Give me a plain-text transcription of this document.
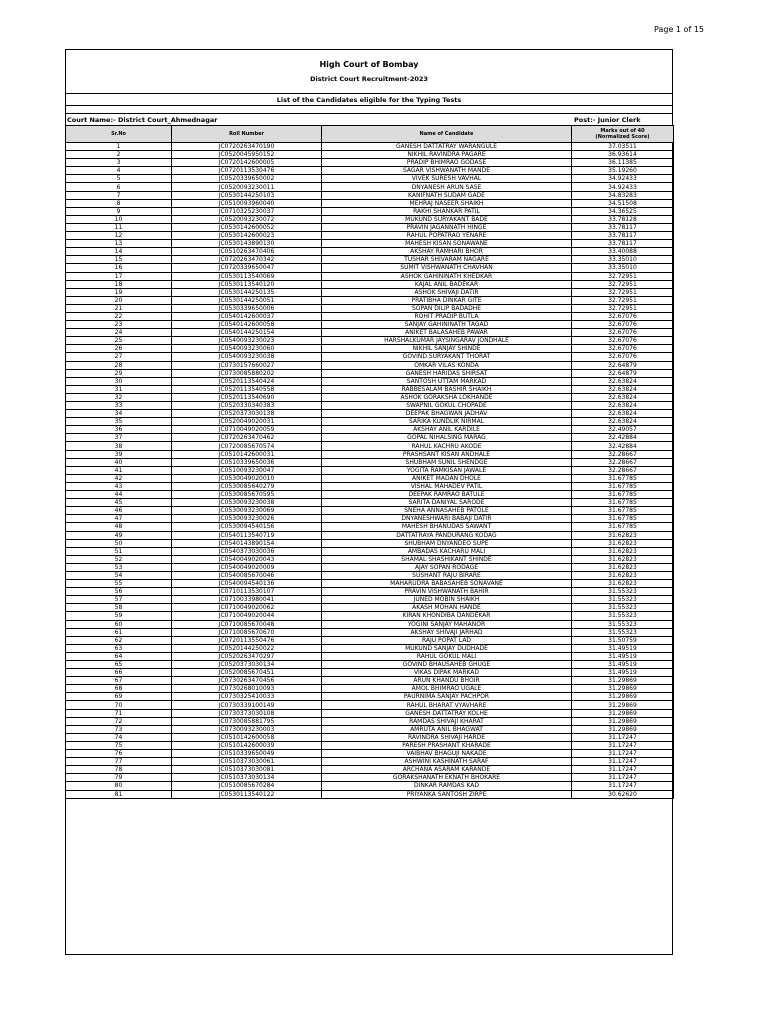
Page 1 of 15
High Court of Bombay
District Court Recruitment-2023
List of the Candidates eligible for the Typing Tests
Court Name:- District Court_Ahmednagar	Post:- Junior Clerk
Sr.No	Roll Number	Name of Candidate	Marks out of 40
(Normalized Score)

1	JC0720263470190	GANESH DATTATRAY WARANGULE	37.03511
2	JC0520045950152	NIKHIL RAVINDRA PAGARE	36.93614
3	JC0720142600005	PRADIP BHIMRAO GODASE	36.11385
4	JC0720113530476	SAGAR VISHWANATH MANDE	35.19260
5	JC0520339650002	VIVEK SURESH VAVHAL	34.92433
6	JC0520093230011	DNYANESH ARUN SASE	34.92433
7	JC0530144250103	KANIFNATH SUDAM GADE	34.83283
8	JC0510093960040	MEHRAJ NASEER SHAIKH	34.51508
9	JC0710325230037	RAKHI SHANKAR PATIL	34.36525
10	JC0520093230072	MUKUND SURYAKANT BADE	33.78128
11	JC0530142600052	PRAVIN JAGANNATH HINGE	33.78117
12	JC0530142600023	RAHUL POPATRAO YENARE	33.78117
13	JC0530143890130	MAHESH KISAN SONAWANE	33.78117
14	JC0510263470406	AKSHAY RAMHARI BHOR	33.40088
15	JC0720263470342	TUSHAR SHIVARAM NAGARE	33.35010
16	JC0720339650047	SUMIT VISHWANATH CHAVHAN	33.35010
17	JC0530113540069	ASHOK GAHININATH KHEDKAR	32.72951
18	JC0530113540120	KAJAL ANIL BADEKAR	32.72951
19	JC0530144250135	ASHOK SHIVAJI DATIR	32.72951
20	JC0530144250051	PRATIBHA DINKAR GITE	32.72951
21	JC0530339650006	SOPAN DILIP BADADHE	32.72951
22	JC0540142600037	ROHIT PRADIP BUTLA	32.67076
23	JC0540142600058	SANJAY GAHININATH TAGAD	32.67076
24	JC0540144250154	ANIKET BALASAHEB PAWAR	32.67076
25	JC0540093230023	HARSHALKUMAR JAYSINGARAV JONDHALE	32.67076
26	JC0540093230060	NIKHIL SANJAY SHINDE	32.67076
27	JC0540093230038	GOVIND SURYAKANT THORAT	32.67076
28	JC0730157660027	OMKAR VILAS KONDA	32.64879
29	JC0730085880202	GANESH HARIDAS SHIRSAT	32.64879
30	JC0520113540424	SANTOSH UTTAM MARKAD	32.63824
31	JC0520113540558	RABBESALAM BASHIR SHAIKH	32.63824
32	JC0520113540690	ASHOK GORAKSHA LOKHANDE	32.63824
33	JC0520330340383	SWAPNIL GOKUL CHOPADE	32.63824
34	JC0520373030138	DEEPAK BHAGWAN JADHAV	32.63824
35	JC0520049020031	SARIKA KUNDLIK NIRMAL	32.63824
36	JC0710049020059	AKSHAY ANIL KARDILE	32.49057
37	JC0720263470462	GOPAL NIHALSING MARAG	32.42884
38	JC0720085670574	RAHUL KACHRU AKODE	32.42884
39	JC0510142600031	PRASHSANT KISAN ANDHALE	32.28667
40	JC0510339650036	SHUBHAM SUNIL SHENDGE	32.28667
41	JC0510093230047	YOGITA RAMKISAN JAWALE	32.28667
42	JC0530049020010	ANIKET MADAN DHOLE	31.67785
43	JC0530085640279	VISHAL MAHADEV PATIL	31.67785
44	JC0530085670595	DEEPAK RAMRAO BATULE	31.67785
45	JC0530093230038	SARITA DANIYAL SARODE	31.67785
46	JC0530093230069	SNEHA ANNASAHEB PATOLE	31.67785
47	JC0530093230026	DNYANESHWARI BABAJI DATIR	31.67785
48	JC0530094540156	MAHESH BHANUDAS SAWANT	31.67785
49	JC0540113540719	DATTATRAYA PANDURANG KODAG	31.62823
50	JC0540143890154	SHUBHAM DNYANDEO SUPE	31.62823
51	JC0540373030036	AMBADAS KACHARU MALI	31.62823
52	JC0540049020043	SHAMAL SHASHIKANT SHINDE	31.62823
53	JC0540049020009	AJAY SOPAN RODAGE	31.62823
54	JC0540085670046	SUSHANT RAJU BIRARE	31.62823
55	JC0540094540136	MAHARUDRA BABASAHEB SONAVANE	31.62823
56	JC0710113530107	PRAVIN VISHWANATH BAHIR	31.55323
57	JC0710033980041	JUNED MOBIN SHAIKH	31.55323
58	JC0710049020062	AKASH MOHAN HANDE	31.55323
59	JC0710049020044	KIRAN KHONDIBA DANDEKAR	31.55323
60	JC0710085670048	YOGINI SANJAY MAHANOR	31.55323
61	JC0710085670670	AKSHAY SHIVAJI JARHAD	31.55323
62	JC0720113550476	RAJU POPAT LAD	31.50759
63	JC0520144250022	MUKUND SANJAY DUDHADE	31.49519
64	JC0520263470297	RAHUL GOKUL MALI	31.49519
65	JC0520373030134	GOVIND BHAUSAHEB GHUGE	31.49519
66	JC0520085670451	VIKAS DIPAK MARKAD	31.49519
67	JC0730263470456	ARUN KHANDU BHOIR	31.29869
68	JC0730268010093	AMOL BHIMRAO UGALE	31.29869
69	JC0730325410033	PAURNIMA SANJAY PACHPOR	31.29869
70	JC0730339100149	RAHUL BHARAT VYAVHARE	31.29869
71	JC0730373030108	GANESH DATTATRAY KOLHE	31.29869
72	JC0730085881795	RAMDAS SHIVAJI KHARAT	31.29869
73	JC0730093230003	AMRUTA ANIL BHAGWAT	31.29869
74	JC0510142600058	RAVINDRA SHIVAJI HARDE	31.17247
75	JC0510142600039	PARESH PRASHANT KHARADE	31.17247
76	JC0510339650049	VAIBHAV BHAGUJI NAKADE	31.17247
77	JC0510373030061	ASHWINI KASHINATH SARAF	31.17247
78	JC0510373030081	ARCHANA ASARAM KARANDE	31.17247
79	JC0510373030134	GORAKSHANATH EKNATH BHOKARE	31.17247
80	JC0510085670284	DINKAR RAMDAS KAD	31.17247
81	JC0530113540122	PRIYANKA SANTOSH ZIRPE	30.62620
